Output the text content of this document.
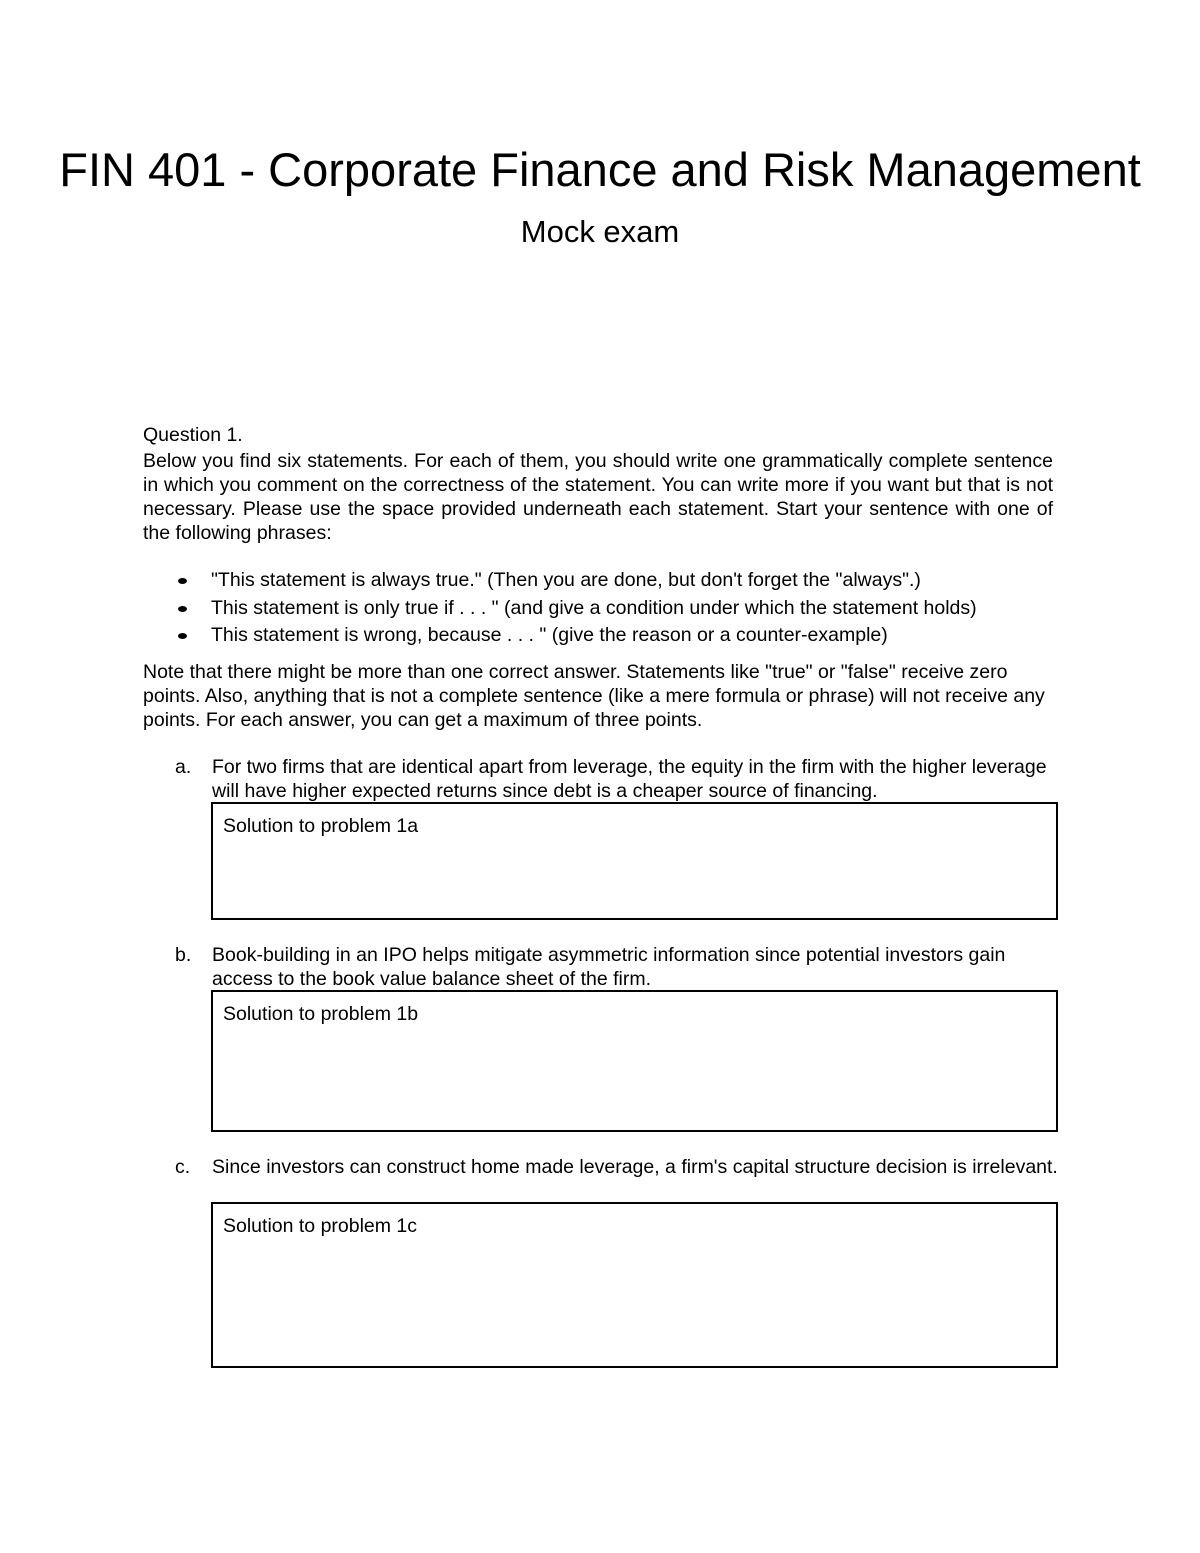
FIN 401 - Corporate Finance and Risk Management
Mock exam
Question 1.
Below you find six statements. For each of them, you should write one grammatically complete sentence in which you comment on the correctness of the statement. You can write more if you want but that is not necessary. Please use the space provided underneath each statement. Start your sentence with one of the following phrases:
"This statement is always true." (Then you are done, but don't forget the "always".)
This statement is only true if . . . " (and give a condition under which the statement holds)
This statement is wrong, because . . . " (give the reason or a counter-example)
Note that there might be more than one correct answer. Statements like "true" or "false" receive zero points. Also, anything that is not a complete sentence (like a mere formula or phrase) will not receive any points. For each answer, you can get a maximum of three points.
a. For two firms that are identical apart from leverage, the equity in the firm with the higher leverage will have higher expected returns since debt is a cheaper source of financing.
Solution to problem 1a
b. Book-building in an IPO helps mitigate asymmetric information since potential investors gain access to the book value balance sheet of the firm.
Solution to problem 1b
c. Since investors can construct home made leverage, a firm's capital structure decision is irrelevant.
Solution to problem 1c
